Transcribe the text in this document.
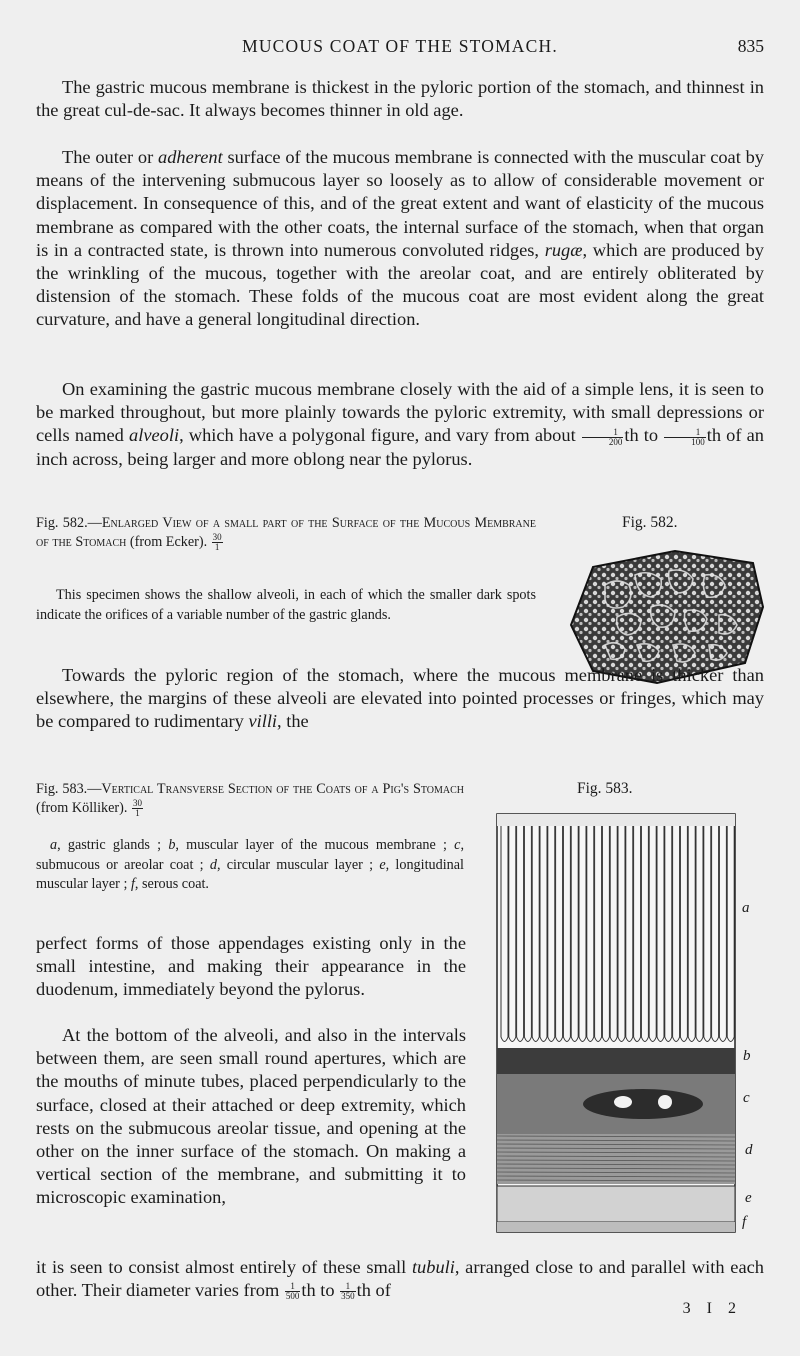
MUCOUS COAT OF THE STOMACH.	835

The gastric mucous membrane is thickest in the pyloric portion of the stomach, and thinnest in the great cul-de-sac. It always becomes thinner in old age.

The outer or adherent surface of the mucous membrane is connected with the muscular coat by means of the intervening submucous layer so loosely as to allow of considerable movement or displacement. In consequence of this, and of the great extent and want of elasticity of the mucous membrane as compared with the other coats, the internal surface of the stomach, when that organ is in a contracted state, is thrown into numerous convoluted ridges, rugæ, which are produced by the wrinkling of the mucous, together with the areolar coat, and are entirely obliterated by distension of the stomach. These folds of the mucous coat are most evident along the great curvature, and have a general longitudinal direction.

On examining the gastric mucous membrane closely with the aid of a simple lens, it is seen to be marked throughout, but more plainly towards the pyloric extremity, with small depressions or cells named alveoli, which have a polygonal figure, and vary from about $\frac{1}{200}$ th to $\frac{1}{100}$ th of an inch across, being larger and more oblong near the pylorus.

Fig. 582.—Enlarged View of a small part of the Surface of the Mucous Membrane of the Stomach (from Ecker). $\frac{30}{1}$

Fig. 582.

This specimen shows the shallow alveoli, in each of which the smaller dark spots indicate the orifices of a variable number of the gastric glands.

Towards the pyloric region of the stomach, where the mucous membrane is thicker than elsewhere, the margins of these alveoli are elevated into pointed processes or fringes, which may be compared to rudimentary villi, the

Fig. 583.—Vertical Transverse Section of the Coats of a Pig's Stomach (from Kölliker). $\frac{30}{1}$

Fig. 583.

a, gastric glands ; b, muscular layer of the mucous membrane ; c, submucous or areolar coat ; d, circular muscular layer ; e, longitudinal muscular layer ; f, serous coat.

a
b
c
d
e
f

perfect forms of those appendages existing only in the small intestine, and making their appearance in the duodenum, immediately beyond the pylorus.

At the bottom of the alveoli, and also in the intervals between them, are seen small round apertures, which are the mouths of minute tubes, placed perpendicularly to the surface, closed at their attached or deep extremity, which rests on the submucous areolar tissue, and opening at the other on the inner surface of the stomach. On making a vertical section of the membrane, and submitting it to microscopic examination,

it is seen to consist almost entirely of these small tubuli, arranged close to and parallel with each other. Their diameter varies from $\frac{1}{500}$ th to $\frac{1}{350}$ th of

3 I 2
